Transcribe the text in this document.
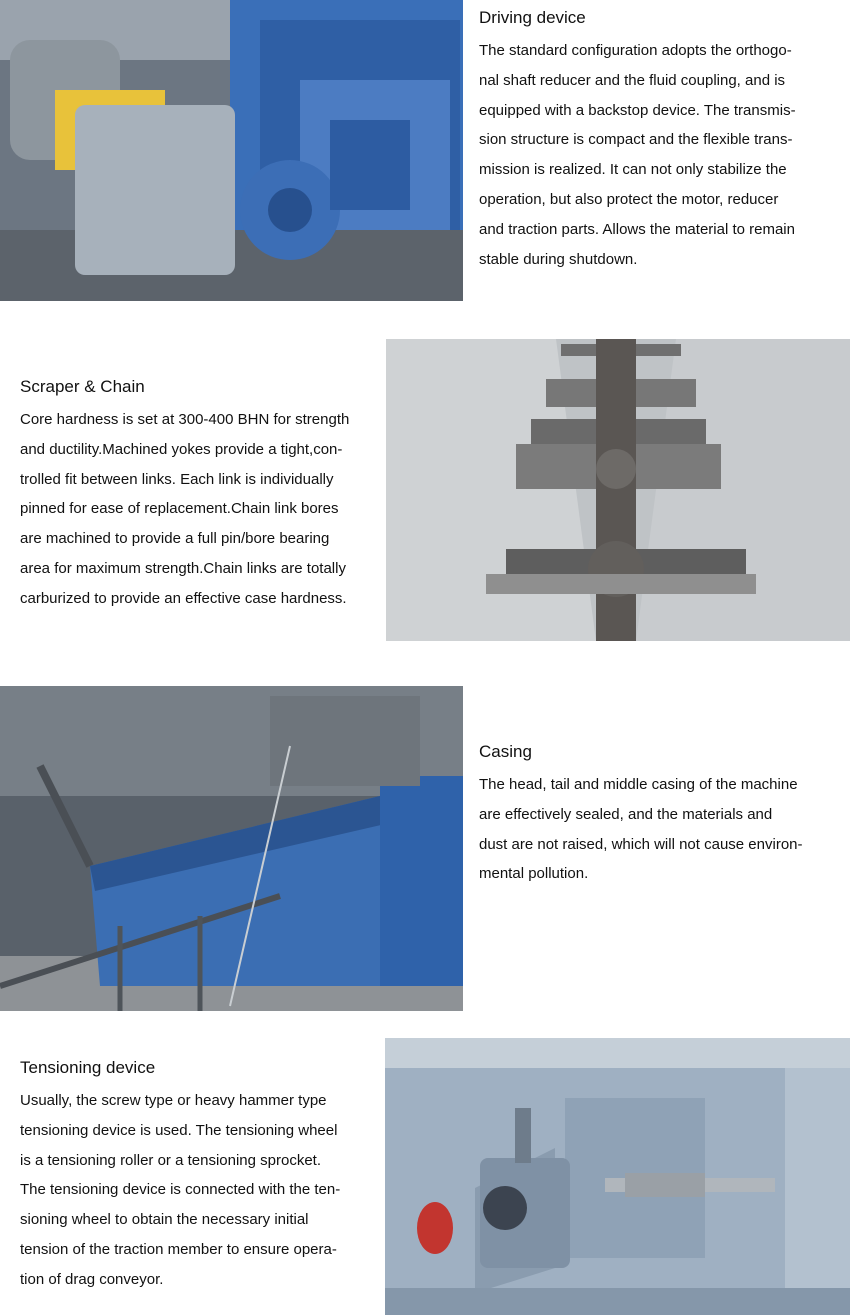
Driving device
The standard configuration adopts the orthogo-
nal shaft reducer and the fluid coupling, and is
equipped with a backstop device. The transmis-
sion structure is compact and the flexible trans-
mission is realized. It can not only stabilize the
operation, but also protect the motor, reducer
and traction parts. Allows the material to remain
stable during shutdown.
Scraper & Chain
Core hardness is set at 300-400 BHN for strength
and ductility.Machined yokes provide a tight,con-
trolled fit between links. Each link is individually
pinned for ease of replacement.Chain link bores
are machined to provide a full pin/bore bearing
area for maximum strength.Chain links are totally
carburized to provide an effective case hardness.
Casing
The head, tail and middle casing of the machine
are effectively sealed, and the materials and
dust are not raised, which will not cause environ-
mental pollution.
Tensioning device
Usually, the screw type or heavy hammer type
tensioning device is used. The tensioning wheel
is a tensioning roller or a tensioning sprocket.
The tensioning device is connected with the ten-
sioning wheel to obtain the necessary initial
tension of the traction member to ensure opera-
tion of drag conveyor.
